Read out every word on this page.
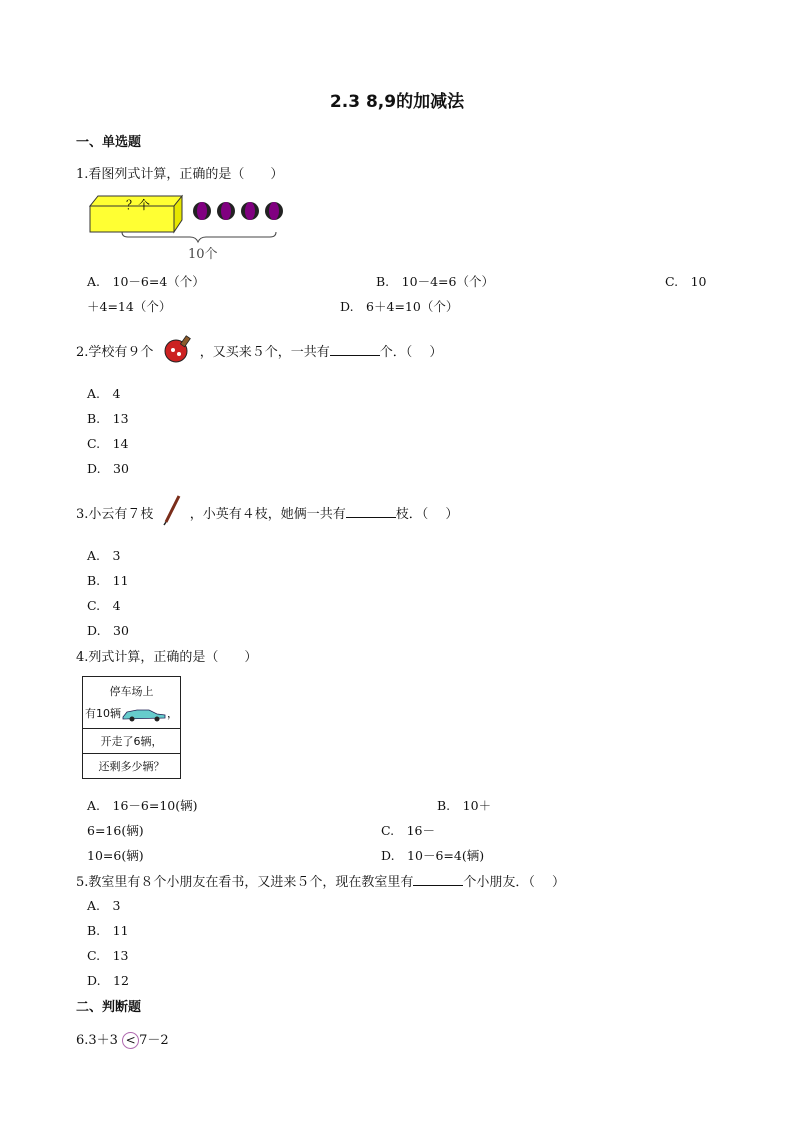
2.3 8,9的加减法
一、单选题
1.看图列式计算，正确的是（　　）
？个
10个
A.　10－6=4（个）	B.　10－4=6（个）	C.　10
＋4=14（个）	D.　6＋4=10（个）
2.学校有９个	，又买来５个，一共有	个．（　 ）
A.　4
B.　13
C.　14
D.　30
3.小云有７枝	，小英有４枝，她俩一共有	枝．（　 ）
A.　3
B.　11
C.　4
D.　30
4.列式计算，正确的是（　　）
停车场上
有10辆	，

开走了6辆，
还剩多少辆？
A.　16－6=10(辆)	B.　10＋
6=16(辆)	C.　16－
10=6(辆)	D.　10－6=4(辆)
5.教室里有８个小朋友在看书，又进来５个，现在教室里有	个小朋友．（　 ）
A.　3
B.　11
C.　13
D.　12
二、判断题
6.3＋3 < 7－2
